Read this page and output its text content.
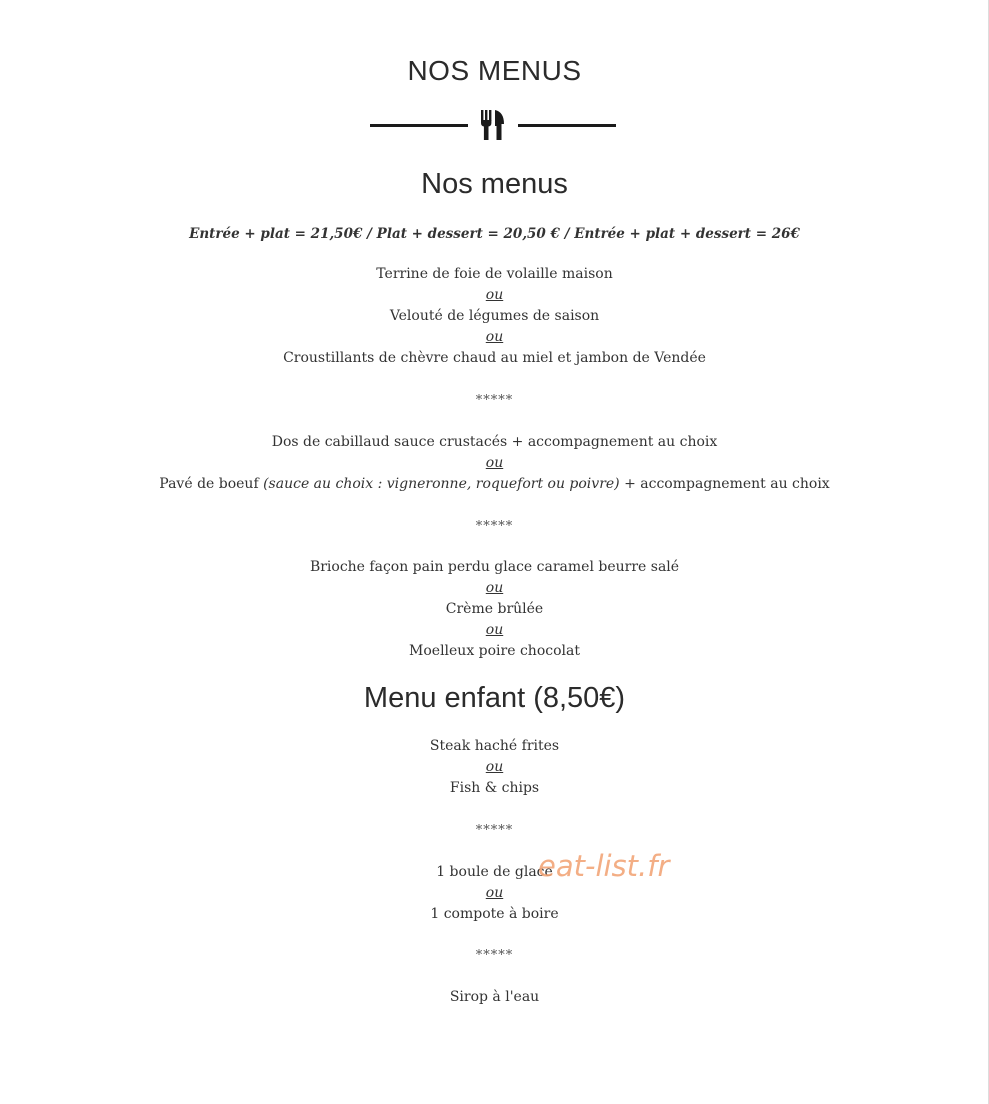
NOS MENUS
Nos menus
Entrée + plat = 21,50€ / Plat + dessert = 20,50 € / Entrée + plat + dessert = 26€
Terrine de foie de volaille maison
ou
Velouté de légumes de saison
ou
Croustillants de chèvre chaud au miel et jambon de Vendée
*****
Dos de cabillaud sauce crustacés + accompagnement au choix
ou
Pavé de boeuf (sauce au choix : vigneronne, roquefort ou poivre) + accompagnement au choix
*****
Brioche façon pain perdu glace caramel beurre salé
ou
Crème brûlée
ou
Moelleux poire chocolat
Menu enfant (8,50€)
Steak haché frites
ou
Fish & chips
*****
1 boule de glace
ou
1 compote à boire
*****
Sirop à l'eau
eat-list.fr
